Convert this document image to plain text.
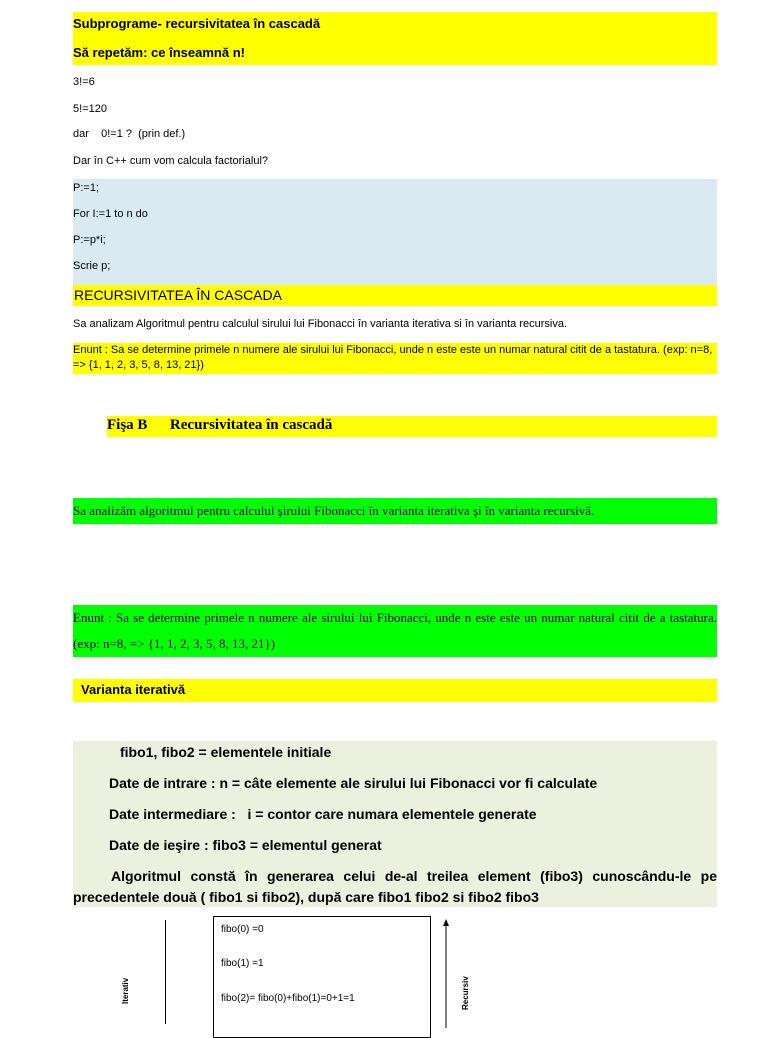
Subprograme- recursivitatea în cascadă
Să repetăm: ce înseamnă n!
3!=6
5!=120
dar    0!=1 ?  (prin def.)
Dar în C++ cum vom calcula factorialul?
P:=1;
For I:=1 to n do
P:=p*i;
Scrie p;
RECURSIVITATEA ÎN CASCADA
Sa analizam Algoritmul pentru calculul sirului lui Fibonacci în varianta iterativa si în varianta recursiva.
Enunt : Sa se determine primele n numere ale sirului lui Fibonacci, unde n este este un numar natural citit de a tastatura. (exp: n=8, => {1, 1, 2, 3, 5, 8, 13, 21})
Fişa B      Recursivitatea în cascadă
Sa analizăm algoritmul pentru calculul şirului Fibonacci în varianta iterativa şi în varianta recursivă.
Enunt : Sa se determine primele n numere ale sirului lui Fibonacci, unde n este este un numar natural citit de a tastatura. (exp: n=8, => {1, 1, 2, 3, 5, 8, 13, 21})
Varianta iterativă
fibo1, fibo2 = elementele initiale
Date de intrare : n = câte elemente ale sirului lui Fibonacci vor fi calculate
Date intermediare :   i = contor care numara elementele generate
Date de ieşire : fibo3 = elementul generat
Algoritmul constă în generarea celui de-al treilea element (fibo3) cunoscându-le pe precedentele două ( fibo1 si fibo2), după care fibo1 fibo2 si fibo2 fibo3
Iterativ
fibo(0) =0
fibo(1) =1
fibo(2)= fibo(0)+fibo(1)=0+1=1	Recursiv
